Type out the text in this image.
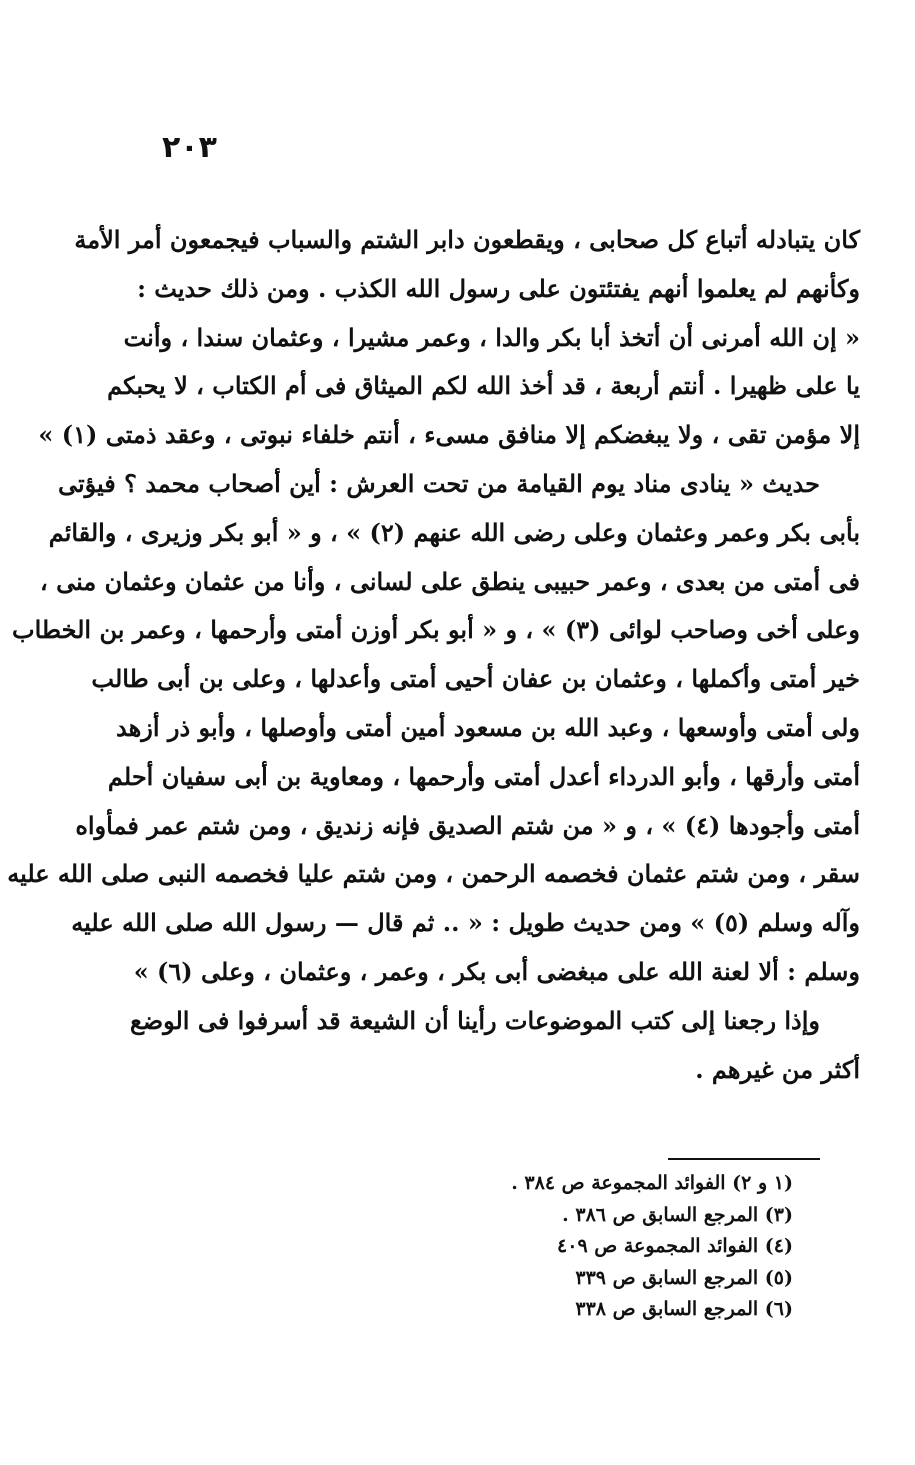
٢٠٣
كان يتبادله أتباع كل صحابى ، ويقطعون دابر الشتم والسباب فيجمعون أمر الأمة
وكأنهم لم يعلموا أنهم يفتئتون على رسول الله الكذب . ومن ذلك حديث :
« إن الله أمرنى أن أتخذ أبا بكر والدا ، وعمر مشيرا ، وعثمان سندا ، وأنت
يا على ظهيرا . أنتم أربعة ، قد أخذ الله لكم الميثاق فى أم الكتاب ، لا يحبكم
إلا مؤمن تقى ، ولا يبغضكم إلا منافق مسىء ، أنتم خلفاء نبوتى ، وعقد ذمتى (١) »
حديث « ينادى مناد يوم القيامة من تحت العرش : أين أصحاب محمد ؟ فيؤتى
بأبى بكر وعمر وعثمان وعلى رضى الله عنهم (٢) » ، و « أبو بكر وزيرى ، والقائم
فى أمتى من بعدى ، وعمر حبيبى ينطق على لسانى ، وأنا من عثمان وعثمان منى ،
وعلى أخى وصاحب لوائى (٣) » ، و « أبو بكر أوزن أمتى وأرحمها ، وعمر بن الخطاب
خير أمتى وأكملها ، وعثمان بن عفان أحيى أمتى وأعدلها ، وعلى بن أبى طالب
ولى أمتى وأوسعها ، وعبد الله بن مسعود أمين أمتى وأوصلها ، وأبو ذر أزهد
أمتى وأرقها ، وأبو الدرداء أعدل أمتى وأرحمها ، ومعاوية بن أبى سفيان أحلم
أمتى وأجودها (٤) » ، و « من شتم الصديق فإنه زنديق ، ومن شتم عمر فمأواه
سقر ، ومن شتم عثمان فخصمه الرحمن ، ومن شتم عليا فخصمه النبى صلى الله عليه
وآله وسلم (٥) » ومن حديث طويل : « .. ثم قال — رسول الله صلى الله عليه
وسلم : ألا لعنة الله على مبغضى أبى بكر ، وعمر ، وعثمان ، وعلى (٦) »
وإذا رجعنا إلى كتب الموضوعات رأينا أن الشيعة قد أسرفوا فى الوضع
أكثر من غيرهم .
(١ و ٢) الفوائد المجموعة ص ٣٨٤ .
(٣) المرجع السابق ص ٣٨٦ .
(٤) الفوائد المجموعة ص ٤٠٩
(٥) المرجع السابق ص ٣٣٩
(٦) المرجع السابق ص ٣٣٨
